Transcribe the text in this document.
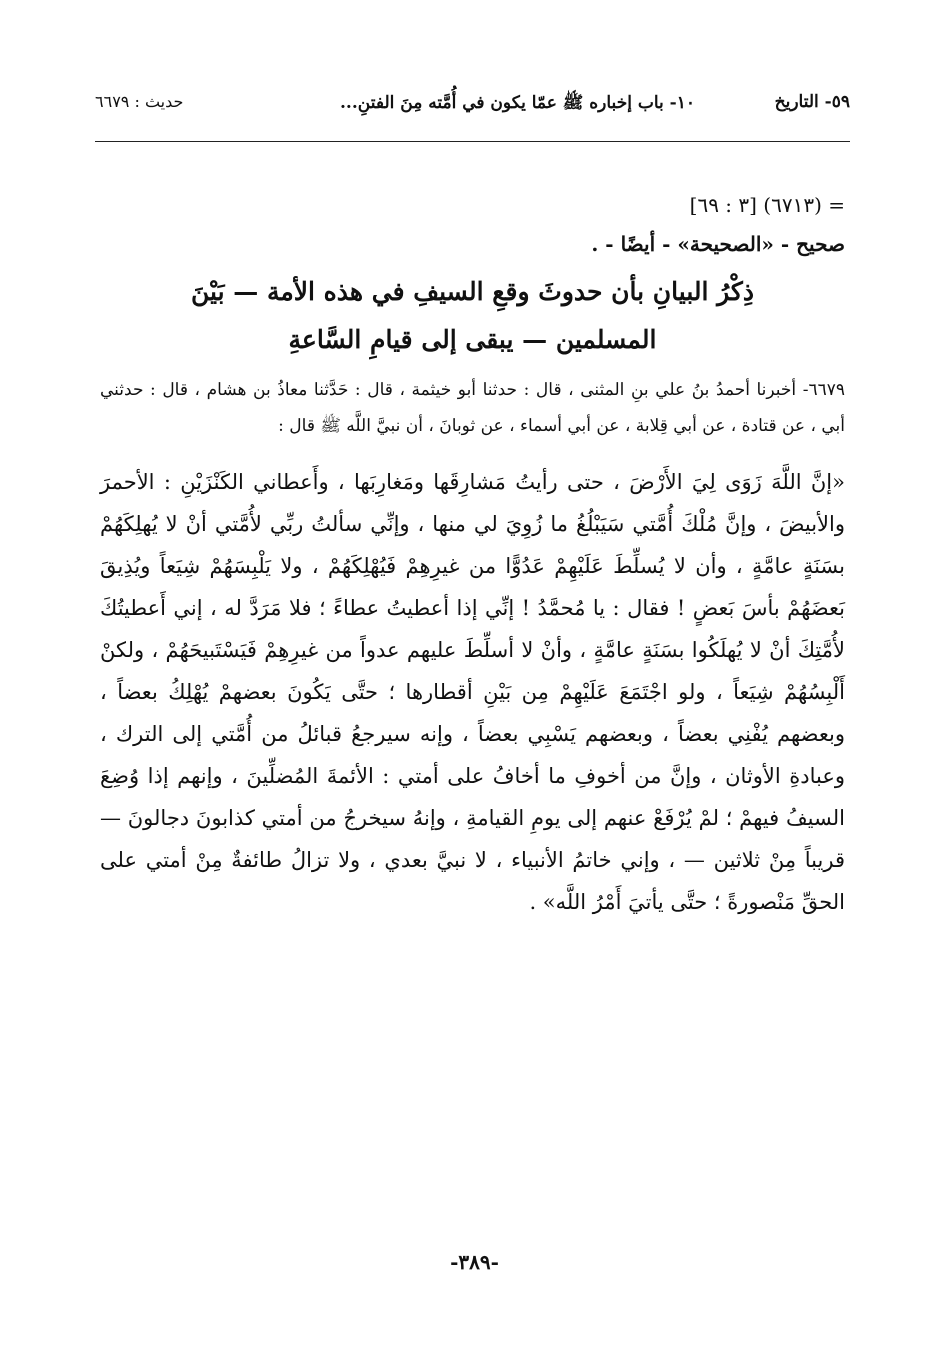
٥٩- التاريخ
١٠- باب إخباره ﷺ عمّا يكون في أُمَّته مِنَ الفتنِ...
حديث : ٦٦٧٩
= (٦٧١٣) [٣ : ٦٩]
صحيح - «الصحيحة» - أيضًا - .
ذِكْرُ البيانِ بأن حدوثَ وقعِ السيفِ في هذه الأمة — بَيْنَ
المسلمين — يبقى إلى قيامِ السَّاعةِ

٦٦٧٩- أخبرنا أحمدُ بنُ علي بنِ المثنى ، قال : حدثنا أبو خيثمة ، قال : حَدَّثنا معاذُ بن هشام ، قال : حدثني أبي ، عن قتادة ، عن أبي قِلابة ، عن أبي أسماء ، عن ثوبانَ ، أن نبيَّ اللَّه ﷺ قال :

«إنَّ اللَّهَ زَوَى لِيَ الأَرْضَ ، حتى رأيتُ مَشارِقَها ومَغارِبَها ، وأَعطاني الكَنْزَيْنِ : الأحمرَ والأبيضَ ، وإنَّ مُلْكَ أُمَّتي سَيَبْلُغُ ما زُوِيَ لي منها ، وإنِّي سألتُ ربِّي لأُمَّتي أنْ لا يُهلِكَهُمْ بسَنَةٍ عامَّةٍ ، وأن لا يُسلِّطَ عَلَيْهِمْ عَدُوًّا من غيرِهِمْ فَيُهْلِكَهُمْ ، ولا يَلْبِسَهُمْ شِيَعاً ويُذِيقَ بَعضَهُمْ بأسَ بَعضٍ ! فقال : يا مُحمَّدُ ! إنِّي إذا أعطيتُ عطاءً ؛ فلا مَرَدَّ له ، إني أَعطيتُكَ لأُمَّتِكَ أنْ لا يُهلَكُوا بسَنَةٍ عامَّةٍ ، وأنْ لا أسلِّطَ عليهم عدواً من غيرِهِمْ فَيَسْتَبيحَهُمْ ، ولكنْ أَلْبِسُهُمْ شِيَعاً ، ولو اجْتَمَعَ عَلَيْهِمْ مِن بَيْنِ أقطارها ؛ حتَّى يَكُونَ بعضهمْ يُهْلِكُ بعضاً ، وبعضهم يُفْنِي بعضاً ، وبعضهم يَسْبِي بعضاً ، وإنه سيرجعُ قبائلُ من أُمَّتي إلى الترك ، وعبادةِ الأوثان ، وإنَّ من أخوفِ ما أخافُ على أمتي : الأئمةَ المُضلِّينَ ، وإنهم إذا وُضِعَ السيفُ فيهمْ ؛ لمْ يُرْفَعْ عنهم إلى يومِ القيامةِ ، وإنهُ سيخرجُ من أمتي كذابونَ دجالونَ — قريباً مِنْ ثلاثين — ، وإني خاتمُ الأنبياء ، لا نبيَّ بعدي ، ولا تزالُ طائفةٌ مِنْ أمتي على الحقِّ مَنْصورةً ؛ حتَّى يأتيَ أَمْرُ اللَّه» .

-٣٨٩-
